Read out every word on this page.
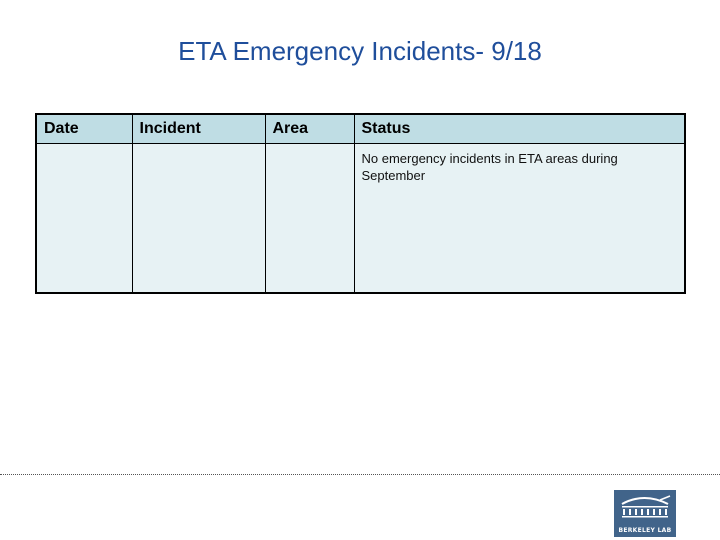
ETA Emergency Incidents- 9/18
Date	Incident	Area	Status
			No emergency incidents in ETA areas during September
BERKELEY LAB
